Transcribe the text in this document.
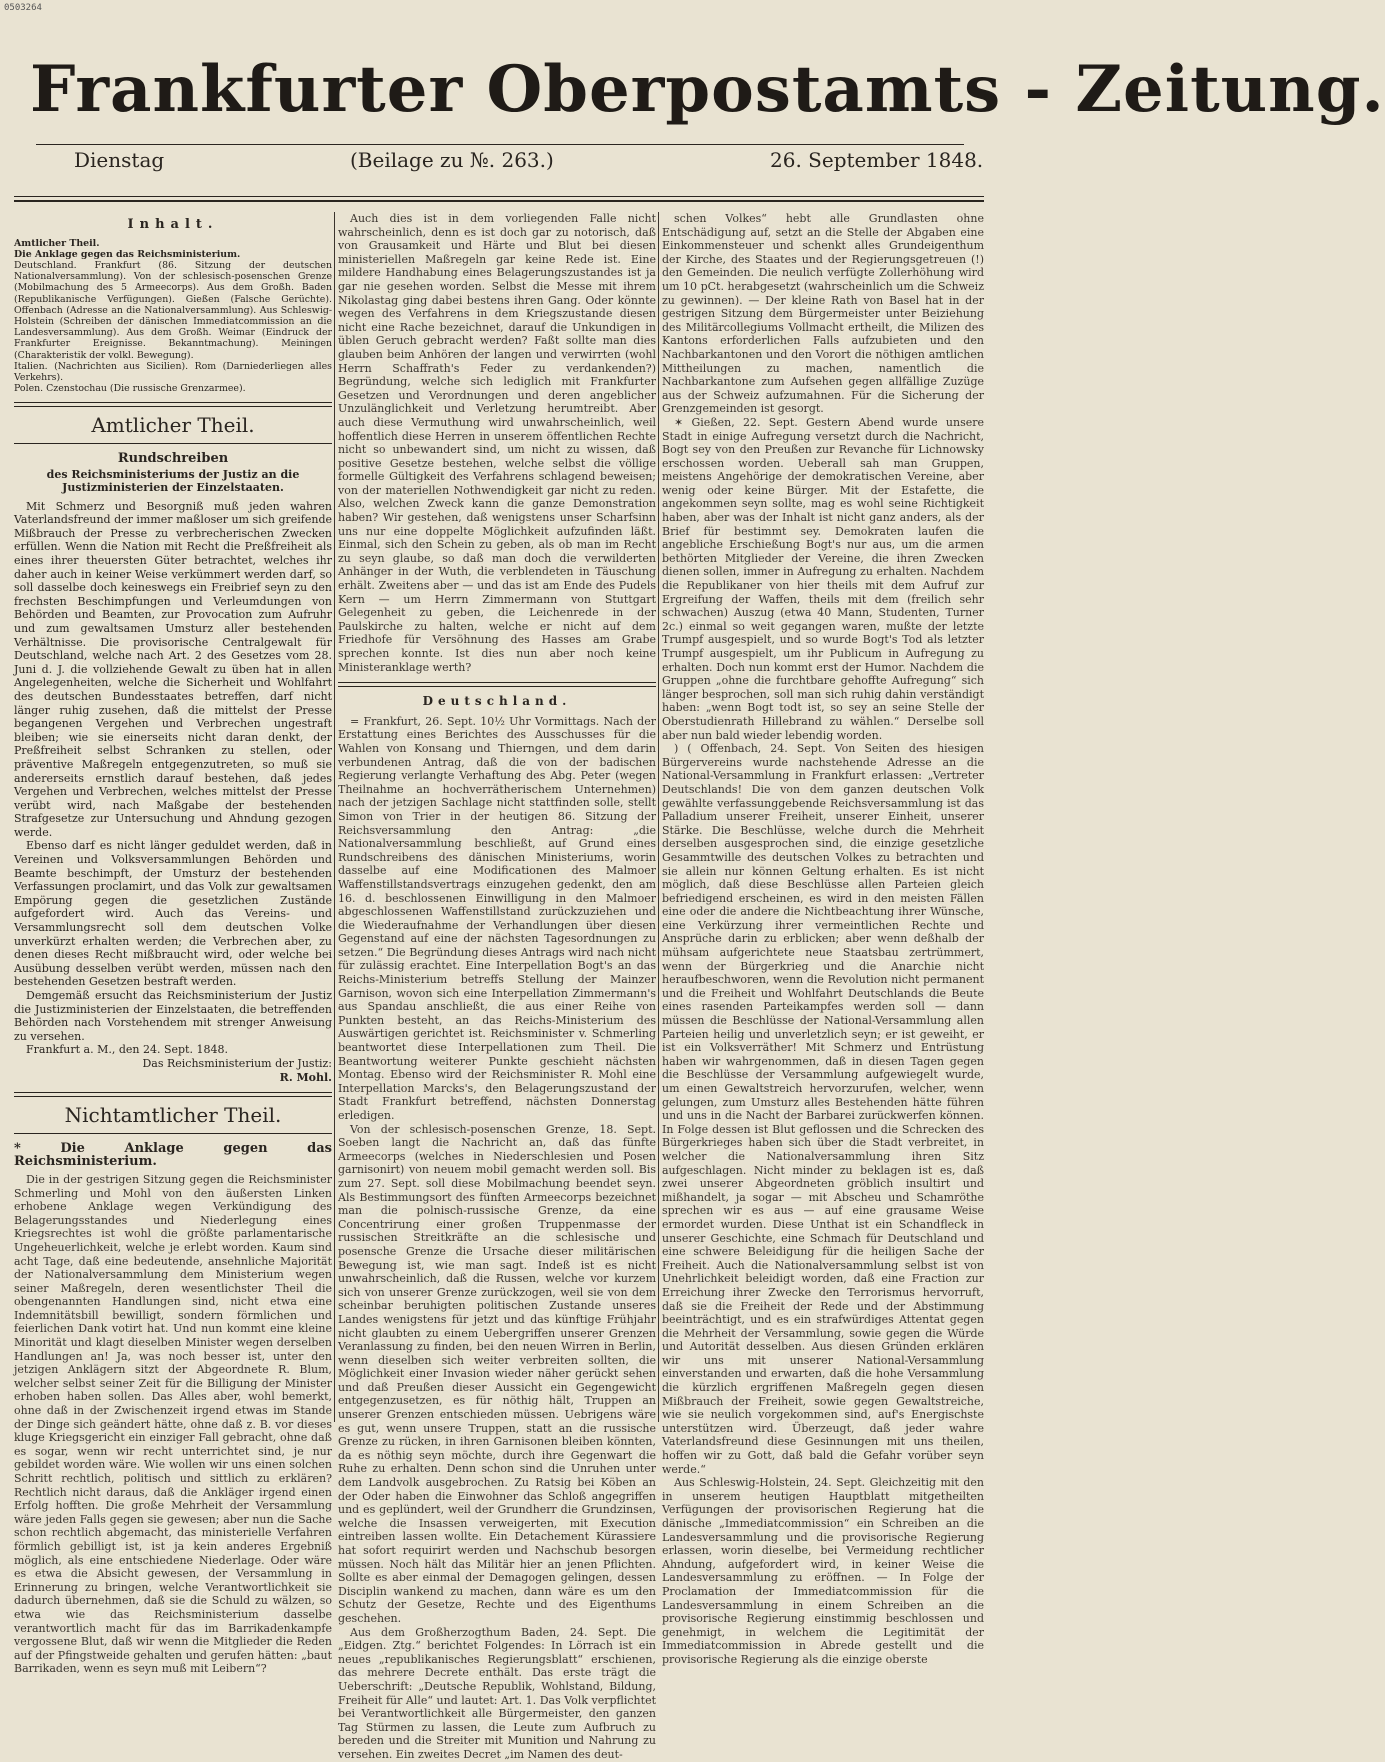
0503264
Frankfurter Oberpostamts - Zeitung.
Dienstag	(Beilage zu №. 263.)	26. September 1848.
Inhalt.

Amtlicher Theil.

Die Anklage gegen das Reichsministerium.

Deutschland. Frankfurt (86. Sitzung der deutschen Nationalversammlung). Von der schlesisch-posenschen Grenze (Mobilmachung des 5 Armeecorps). Aus dem Großh. Baden (Republikanische Verfügungen). Gießen (Falsche Gerüchte). Offenbach (Adresse an die Nationalversammlung). Aus Schleswig-Holstein (Schreiben der dänischen Immediatcommission an die Landesversammlung). Aus dem Großh. Weimar (Eindruck der Frankfurter Ereignisse. Bekanntmachung). Meiningen (Charakteristik der volkl. Bewegung).

Italien. (Nachrichten aus Sicilien). Rom (Darniederliegen alles Verkehrs).

Polen. Czenstochau (Die russische Grenzarmee).

Amtlicher Theil.
Rundschreiben
des Reichsministeriums der Justiz an die Justizministerien der Einzelstaaten.

Mit Schmerz und Besorgniß muß jeden wahren Vaterlandsfreund der immer maßloser um sich greifende Mißbrauch der Presse zu verbrecherischen Zwecken erfüllen. Wenn die Nation mit Recht die Preßfreiheit als eines ihrer theuersten Güter betrachtet, welches ihr daher auch in keiner Weise verkümmert werden darf, so soll dasselbe doch keineswegs ein Freibrief seyn zu den frechsten Beschimpfungen und Verleumdungen von Behörden und Beamten, zur Provocation zum Aufruhr und zum gewaltsamen Umsturz aller bestehenden Verhältnisse. Die provisorische Centralgewalt für Deutschland, welche nach Art. 2 des Gesetzes vom 28. Juni d. J. die vollziehende Gewalt zu üben hat in allen Angelegenheiten, welche die Sicherheit und Wohlfahrt des deutschen Bundesstaates betreffen, darf nicht länger ruhig zusehen, daß die mittelst der Presse begangenen Vergehen und Verbrechen ungestraft bleiben; wie sie einerseits nicht daran denkt, der Preßfreiheit selbst Schranken zu stellen, oder präventive Maßregeln entgegenzutreten, so muß sie andererseits ernstlich darauf bestehen, daß jedes Vergehen und Verbrechen, welches mittelst der Presse verübt wird, nach Maßgabe der bestehenden Strafgesetze zur Untersuchung und Ahndung gezogen werde.

Ebenso darf es nicht länger geduldet werden, daß in Vereinen und Volksversammlungen Behörden und Beamte beschimpft, der Umsturz der bestehenden Verfassungen proclamirt, und das Volk zur gewaltsamen Empörung gegen die gesetzlichen Zustände aufgefordert wird. Auch das Vereins- und Versammlungsrecht soll dem deutschen Volke unverkürzt erhalten werden; die Verbrechen aber, zu denen dieses Recht mißbraucht wird, oder welche bei Ausübung desselben verübt werden, müssen nach den bestehenden Gesetzen bestraft werden.

Demgemäß ersucht das Reichsministerium der Justiz die Justizministerien der Einzelstaaten, die betreffenden Behörden nach Vorstehendem mit strenger Anweisung zu versehen.

Frankfurt a. M., den 24. Sept. 1848.

Das Reichsministerium der Justiz:

R. Mohl.

Nichtamtlicher Theil.
* Die Anklage gegen das Reichsministerium.

Die in der gestrigen Sitzung gegen die Reichsminister Schmerling und Mohl von den äußersten Linken erhobene Anklage wegen Verkündigung des Belagerungsstandes und Niederlegung eines Kriegsrechtes ist wohl die größte parlamentarische Ungeheuerlichkeit, welche je erlebt worden. Kaum sind acht Tage, daß eine bedeutende, ansehnliche Majorität der Nationalversammlung dem Ministerium wegen seiner Maßregeln, deren wesentlichster Theil die obengenannten Handlungen sind, nicht etwa eine Indemnitätsbill bewilligt, sondern förmlichen und feierlichen Dank votirt hat. Und nun kommt eine kleine Minorität und klagt dieselben Minister wegen derselben Handlungen an! Ja, was noch besser ist, unter den jetzigen Anklägern sitzt der Abgeordnete R. Blum, welcher selbst seiner Zeit für die Billigung der Minister erhoben haben sollen. Das Alles aber, wohl bemerkt, ohne daß in der Zwischenzeit irgend etwas im Stande der Dinge sich geändert hätte, ohne daß z. B. vor dieses kluge Kriegsgericht ein einziger Fall gebracht, ohne daß es sogar, wenn wir recht unterrichtet sind, je nur gebildet worden wäre. Wie wollen wir uns einen solchen Schritt rechtlich, politisch und sittlich zu erklären? Rechtlich nicht daraus, daß die Ankläger irgend einen Erfolg hofften. Die große Mehrheit der Versammlung wäre jeden Falls gegen sie gewesen; aber nun die Sache schon rechtlich abgemacht, das ministerielle Verfahren förmlich gebilligt ist, ist ja kein anderes Ergebniß möglich, als eine entschiedene Niederlage. Oder wäre es etwa die Absicht gewesen, der Versammlung in Erinnerung zu bringen, welche Verantwortlichkeit sie dadurch übernehmen, daß sie die Schuld zu wälzen, so etwa wie das Reichsministerium dasselbe verantwortlich macht für das im Barrikadenkampfe vergossene Blut, daß wir wenn die Mitglieder die Reden auf der Pfingstweide gehalten und gerufen hätten: „baut Barrikaden, wenn es seyn muß mit Leibern“?

Auch dies ist in dem vorliegenden Falle nicht wahrscheinlich, denn es ist doch gar zu notorisch, daß von Grausamkeit und Härte und Blut bei diesen ministeriellen Maßregeln gar keine Rede ist. Eine mildere Handhabung eines Belagerungszustandes ist ja gar nie gesehen worden. Selbst die Messe mit ihrem Nikolastag ging dabei bestens ihren Gang. Oder könnte wegen des Verfahrens in dem Kriegszustande diesen nicht eine Rache bezeichnet, darauf die Unkundigen in üblen Geruch gebracht werden? Faßt sollte man dies glauben beim Anhören der langen und verwirrten (wohl Herrn Schaffrath's Feder zu verdankenden?) Begründung, welche sich lediglich mit Frankfurter Gesetzen und Verordnungen und deren angeblicher Unzulänglichkeit und Verletzung herumtreibt. Aber auch diese Vermuthung wird unwahrscheinlich, weil hoffentlich diese Herren in unserem öffentlichen Rechte nicht so unbewandert sind, um nicht zu wissen, daß positive Gesetze bestehen, welche selbst die völlige formelle Gültigkeit des Verfahrens schlagend beweisen; von der materiellen Nothwendigkeit gar nicht zu reden. Also, welchen Zweck kann die ganze Demonstration haben? Wir gestehen, daß wenigstens unser Scharfsinn uns nur eine doppelte Möglichkeit aufzufinden läßt. Einmal, sich den Schein zu geben, als ob man im Recht zu seyn glaube, so daß man doch die verwilderten Anhänger in der Wuth, die verblendeten in Täuschung erhält. Zweitens aber — und das ist am Ende des Pudels Kern — um Herrn Zimmermann von Stuttgart Gelegenheit zu geben, die Leichenrede in der Paulskirche zu halten, welche er nicht auf dem Friedhofe für Versöhnung des Hasses am Grabe sprechen konnte. Ist dies nun aber noch keine Ministeranklage werth?

Deutschland.

= Frankfurt, 26. Sept. 10½ Uhr Vormittags. Nach der Erstattung eines Berichtes des Ausschusses für die Wahlen von Konsang und Thierngen, und dem darin verbundenen Antrag, daß die von der badischen Regierung verlangte Verhaftung des Abg. Peter (wegen Theilnahme an hochverrätherischem Unternehmen) nach der jetzigen Sachlage nicht stattfinden solle, stellt Simon von Trier in der heutigen 86. Sitzung der Reichsversammlung den Antrag: „die Nationalversammlung beschließt, auf Grund eines Rundschreibens des dänischen Ministeriums, worin dasselbe auf eine Modificationen des Malmoer Waffenstillstandsvertrags einzugehen gedenkt, den am 16. d. beschlossenen Einwilligung in den Malmoer abgeschlossenen Waffenstillstand zurückzuziehen und die Wiederaufnahme der Verhandlungen über diesen Gegenstand auf eine der nächsten Tagesordnungen zu setzen.“ Die Begründung dieses Antrags wird nach nicht für zulässig erachtet. Eine Interpellation Bogt's an das Reichs-Ministerium betreffs Stellung der Mainzer Garnison, wovon sich eine Interpellation Zimmermann's aus Spandau anschließt, die aus einer Reihe von Punkten besteht, an das Reichs-Ministerium des Auswärtigen gerichtet ist. Reichsminister v. Schmerling beantwortet diese Interpellationen zum Theil. Die Beantwortung weiterer Punkte geschieht nächsten Montag. Ebenso wird der Reichsminister R. Mohl eine Interpellation Marcks's, den Belagerungszustand der Stadt Frankfurt betreffend, nächsten Donnerstag erledigen.

Von der schlesisch-posenschen Grenze, 18. Sept. Soeben langt die Nachricht an, daß das fünfte Armeecorps (welches in Niederschlesien und Posen garnisonirt) von neuem mobil gemacht werden soll. Bis zum 27. Sept. soll diese Mobilmachung beendet seyn. Als Bestimmungsort des fünften Armeecorps bezeichnet man die polnisch-russische Grenze, da eine Concentrirung einer großen Truppenmasse der russischen Streitkräfte an die schlesische und posensche Grenze die Ursache dieser militärischen Bewegung ist, wie man sagt. Indeß ist es nicht unwahrscheinlich, daß die Russen, welche vor kurzem sich von unserer Grenze zurückzogen, weil sie von dem scheinbar beruhigten politischen Zustande unseres Landes wenigstens für jetzt und das künftige Frühjahr nicht glaubten zu einem Uebergriffen unserer Grenzen Veranlassung zu finden, bei den neuen Wirren in Berlin, wenn dieselben sich weiter verbreiten sollten, die Möglichkeit einer Invasion wieder näher gerückt sehen und daß Preußen dieser Aussicht ein Gegengewicht entgegenzusetzen, es für nöthig hält, Truppen an unserer Grenzen entschieden müssen. Uebrigens wäre es gut, wenn unsere Truppen, statt an die russische Grenze zu rücken, in ihren Garnisonen bleiben könnten, da es nöthig seyn möchte, durch ihre Gegenwart die Ruhe zu erhalten. Denn schon sind die Unruhen unter dem Landvolk ausgebrochen. Zu Ratsig bei Köben an der Oder haben die Einwohner das Schloß angegriffen und es geplündert, weil der Grundherr die Grundzinsen, welche die Insassen verweigerten, mit Execution eintreiben lassen wollte. Ein Detachement Kürassiere hat sofort requirirt werden und Nachschub besorgen müssen. Noch hält das Militär hier an jenen Pflichten. Sollte es aber einmal der Demagogen gelingen, dessen Disciplin wankend zu machen, dann wäre es um den Schutz der Gesetze, Rechte und des Eigenthums geschehen.

Aus dem Großherzogthum Baden, 24. Sept. Die „Eidgen. Ztg.“ berichtet Folgendes: In Lörrach ist ein neues „republikanisches Regierungsblatt“ erschienen, das mehrere Decrete enthält. Das erste trägt die Ueberschrift: „Deutsche Republik, Wohlstand, Bildung, Freiheit für Alle“ und lautet: Art. 1. Das Volk verpflichtet bei Verantwortlichkeit alle Bürgermeister, den ganzen Tag Stürmen zu lassen, die Leute zum Aufbruch zu bereden und die Streiter mit Munition und Nahrung zu versehen. Ein zweites Decret „im Namen des deut-

schen Volkes“ hebt alle Grundlasten ohne Entschädigung auf, setzt an die Stelle der Abgaben eine Einkommensteuer und schenkt alles Grundeigenthum der Kirche, des Staates und der Regierungsgetreuen (!) den Gemeinden. Die neulich verfügte Zollerhöhung wird um 10 pCt. herabgesetzt (wahrscheinlich um die Schweiz zu gewinnen). — Der kleine Rath von Basel hat in der gestrigen Sitzung dem Bürgermeister unter Beiziehung des Militärcollegiums Vollmacht ertheilt, die Milizen des Kantons erforderlichen Falls aufzubieten und den Nachbarkantonen und den Vorort die nöthigen amtlichen Mittheilungen zu machen, namentlich die Nachbarkantone zum Aufsehen gegen allfällige Zuzüge aus der Schweiz aufzumahnen. Für die Sicherung der Grenzgemeinden ist gesorgt.

✶ Gießen, 22. Sept. Gestern Abend wurde unsere Stadt in einige Aufregung versetzt durch die Nachricht, Bogt sey von den Preußen zur Revanche für Lichnowsky erschossen worden. Ueberall sah man Gruppen, meistens Angehörige der demokratischen Vereine, aber wenig oder keine Bürger. Mit der Estafette, die angekommen seyn sollte, mag es wohl seine Richtigkeit haben, aber was der Inhalt ist nicht ganz anders, als der Brief für bestimmt sey. Demokraten laufen die angebliche Erschießung Bogt's nur aus, um die armen bethörten Mitglieder der Vereine, die ihren Zwecken dienen sollen, immer in Aufregung zu erhalten. Nachdem die Republikaner von hier theils mit dem Aufruf zur Ergreifung der Waffen, theils mit dem (freilich sehr schwachen) Auszug (etwa 40 Mann, Studenten, Turner 2c.) einmal so weit gegangen waren, mußte der letzte Trumpf ausgespielt, und so wurde Bogt's Tod als letzter Trumpf ausgespielt, um ihr Publicum in Aufregung zu erhalten. Doch nun kommt erst der Humor. Nachdem die Gruppen „ohne die furchtbare gehoffte Aufregung“ sich länger besprochen, soll man sich ruhig dahin verständigt haben: „wenn Bogt todt ist, so sey an seine Stelle der Oberstudienrath Hillebrand zu wählen.“ Derselbe soll aber nun bald wieder lebendig worden.

) ( Offenbach, 24. Sept. Von Seiten des hiesigen Bürgervereins wurde nachstehende Adresse an die National-Versammlung in Frankfurt erlassen: „Vertreter Deutschlands! Die von dem ganzen deutschen Volk gewählte verfassunggebende Reichsversammlung ist das Palladium unserer Freiheit, unserer Einheit, unserer Stärke. Die Beschlüsse, welche durch die Mehrheit derselben ausgesprochen sind, die einzige gesetzliche Gesammtwille des deutschen Volkes zu betrachten und sie allein nur können Geltung erhalten. Es ist nicht möglich, daß diese Beschlüsse allen Parteien gleich befriedigend erscheinen, es wird in den meisten Fällen eine oder die andere die Nichtbeachtung ihrer Wünsche, eine Verkürzung ihrer vermeintlichen Rechte und Ansprüche darin zu erblicken; aber wenn deßhalb der mühsam aufgerichtete neue Staatsbau zertrümmert, wenn der Bürgerkrieg und die Anarchie nicht heraufbeschworen, wenn die Revolution nicht permanent und die Freiheit und Wohlfahrt Deutschlands die Beute eines rasenden Parteikampfes werden soll — dann müssen die Beschlüsse der National-Versammlung allen Parteien heilig und unverletzlich seyn; er ist geweiht, er ist ein Volksverräther! Mit Schmerz und Entrüstung haben wir wahrgenommen, daß in diesen Tagen gegen die Beschlüsse der Versammlung aufgewiegelt wurde, um einen Gewaltstreich hervorzurufen, welcher, wenn gelungen, zum Umsturz alles Bestehenden hätte führen und uns in die Nacht der Barbarei zurückwerfen können. In Folge dessen ist Blut geflossen und die Schrecken des Bürgerkrieges haben sich über die Stadt verbreitet, in welcher die Nationalversammlung ihren Sitz aufgeschlagen. Nicht minder zu beklagen ist es, daß zwei unserer Abgeordneten gröblich insultirt und mißhandelt, ja sogar — mit Abscheu und Schamröthe sprechen wir es aus — auf eine grausame Weise ermordet wurden. Diese Unthat ist ein Schandfleck in unserer Geschichte, eine Schmach für Deutschland und eine schwere Beleidigung für die heiligen Sache der Freiheit. Auch die Nationalversammlung selbst ist von Unehrlichkeit beleidigt worden, daß eine Fraction zur Erreichung ihrer Zwecke den Terrorismus hervorruft, daß sie die Freiheit der Rede und der Abstimmung beeinträchtigt, und es ein strafwürdiges Attentat gegen die Mehrheit der Versammlung, sowie gegen die Würde und Autorität desselben. Aus diesen Gründen erklären wir uns mit unserer National-Versammlung einverstanden und erwarten, daß die hohe Versammlung die kürzlich ergriffenen Maßregeln gegen diesen Mißbrauch der Freiheit, sowie gegen Gewaltstreiche, wie sie neulich vorgekommen sind, auf's Energischste unterstützen wird. Überzeugt, daß jeder wahre Vaterlandsfreund diese Gesinnungen mit uns theilen, hoffen wir zu Gott, daß bald die Gefahr vorüber seyn werde.“

Aus Schleswig-Holstein, 24. Sept. Gleichzeitig mit den in unserem heutigen Hauptblatt mitgetheilten Verfügungen der provisorischen Regierung hat die dänische „Immediatcommission“ ein Schreiben an die Landesversammlung und die provisorische Regierung erlassen, worin dieselbe, bei Vermeidung rechtlicher Ahndung, aufgefordert wird, in keiner Weise die Landesversammlung zu eröffnen. — In Folge der Proclamation der Immediatcommission für die Landesversammlung in einem Schreiben an die provisorische Regierung einstimmig beschlossen und genehmigt, in welchem die Legitimität der Immediatcommission in Abrede gestellt und die provisorische Regierung als die einzige oberste
